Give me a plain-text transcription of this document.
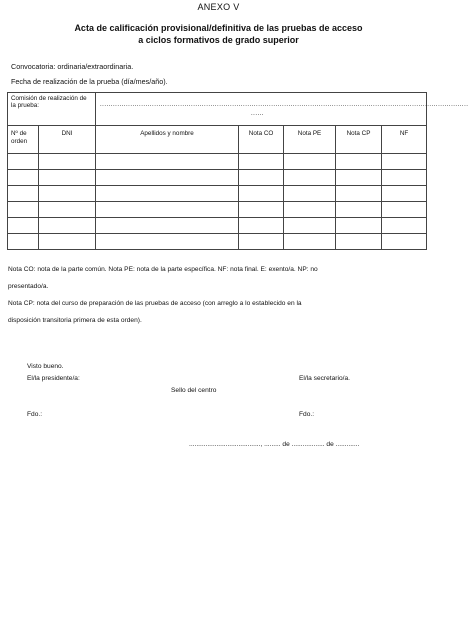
ANEXO V
Acta de calificación provisional/definitiva de las pruebas de acceso
a ciclos formativos de grado superior
Convocatoria: ordinaria/extraordinaria.
Fecha de realización de la prueba (día/mes/año).
Comisión de realización de la prueba:		..........................................................................................................................................................................
......				

Nº de orden	DNI	Apellidos y nombre	Nota CO	Nota PE	Nota CP	NF

Nota CO: nota de la parte común. Nota PE: nota de la parte específica. NF: nota final. E: exento/a. NP: no
presentado/a.
Nota CP: nota del curso de preparación de las pruebas de acceso (con arreglo a lo establecido en la
disposición transitoria primera de esta orden).
Visto bueno.
El/la presidente/a:	El/la secretario/a.
Sello del centro
Fdo.:	Fdo.:
......................................., ......... de .................. de .............
